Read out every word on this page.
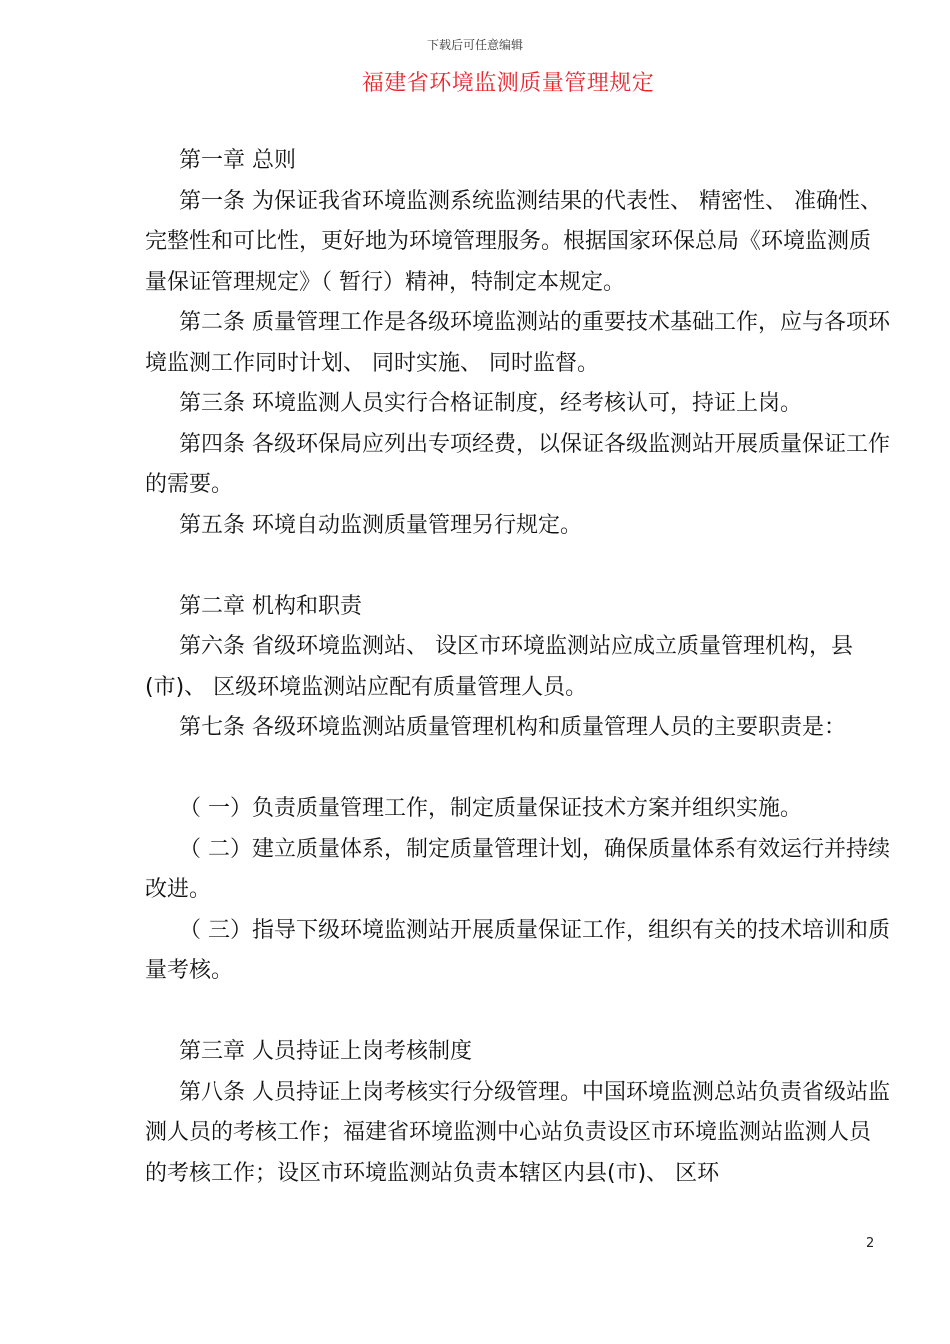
下载后可任意编辑
福建省环境监测质量管理规定

第一章 总则

第一条 为保证我省环境监测系统监测结果的代表性、 精密性、 准确性、 完整性和可比性，更好地为环境管理服务。根据国家环保总局《环境监测质量保证管理规定》（ 暂行）精神，特制定本规定。

第二条 质量管理工作是各级环境监测站的重要技术基础工作，应与各项环境监测工作同时计划、 同时实施、 同时监督。

第三条 环境监测人员实行合格证制度，经考核认可，持证上岗。

第四条 各级环保局应列出专项经费，以保证各级监测站开展质量保证工作的需要。

第五条 环境自动监测质量管理另行规定。

第二章 机构和职责

第六条 省级环境监测站、 设区市环境监测站应成立质量管理机构，县(市)、 区级环境监测站应配有质量管理人员。

第七条 各级环境监测站质量管理机构和质量管理人员的主要职责是：

（ 一）负责质量管理工作，制定质量保证技术方案并组织实施。

（ 二）建立质量体系，制定质量管理计划，确保质量体系有效运行并持续改进。

（ 三）指导下级环境监测站开展质量保证工作，组织有关的技术培训和质量考核。

第三章 人员持证上岗考核制度

第八条 人员持证上岗考核实行分级管理。中国环境监测总站负责省级站监测人员的考核工作；福建省环境监测中心站负责设区市环境监测站监测人员的考核工作；设区市环境监测站负责本辖区内县(市)、 区环

2
